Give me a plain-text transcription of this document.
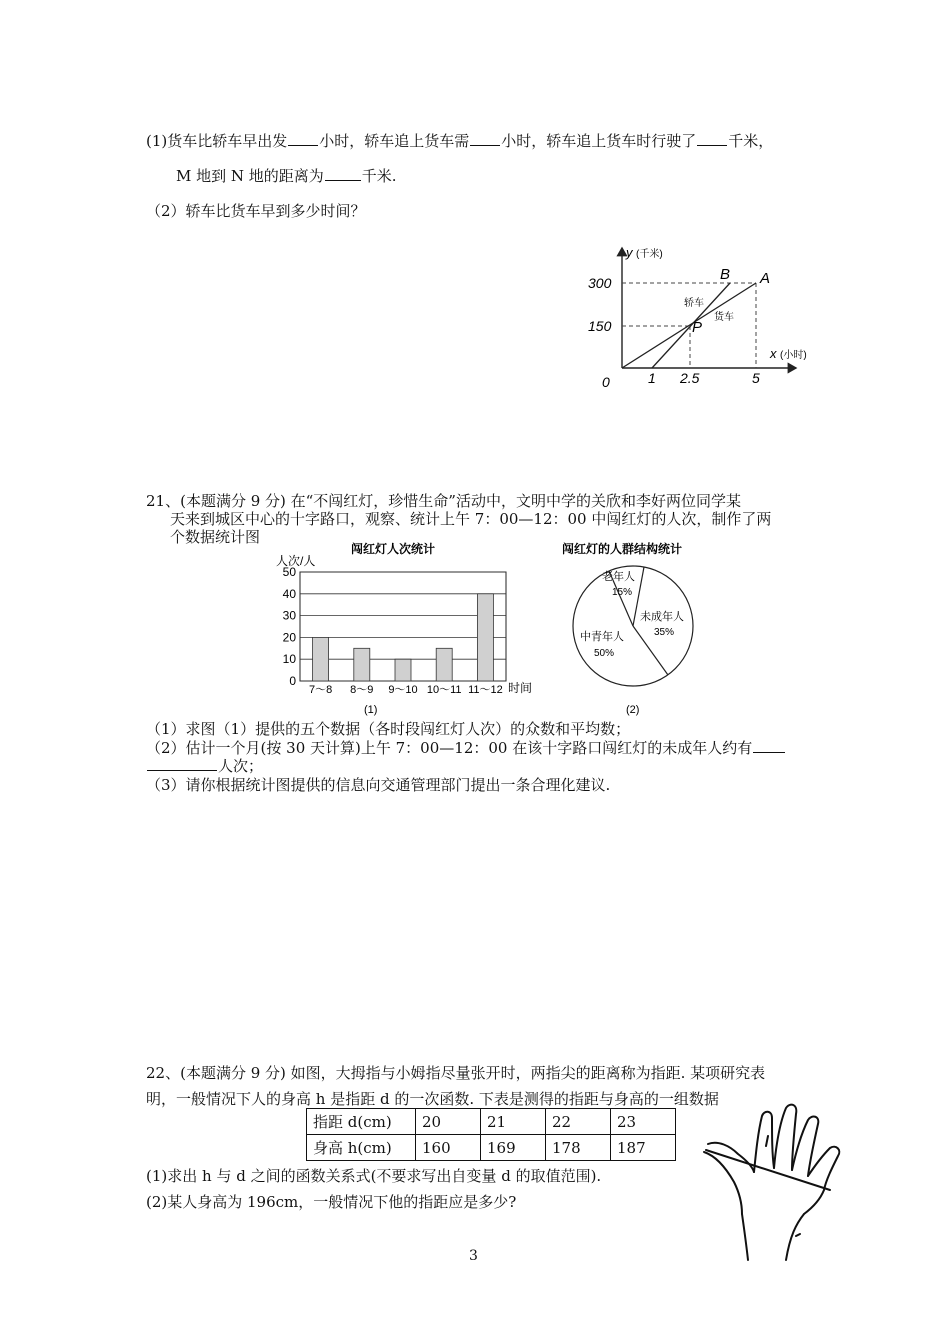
(1)货车比轿车早出发 小时，轿车追上货车需 小时，轿车追上货车时行驶了 千米，
M 地到 N 地的距离为	千米.
（2）轿车比货车早到多少时间？
y (千米)
x (小时)
300
150
0	1 2.5	5
B A
P
轿车
货车
21、(本题满分 9 分) 在“不闯红灯，珍惜生命”活动中，文明中学的关欣和李好两位同学某
天来到城区中心的十字路口，观察、统计上午 7：00—12：00 中闯红灯的人次，制作了两
个数据统计图
闯红灯人次统计
人次/人
0
10
20
30
40
50
7～8 8～9 9～10 10～11 11～12 时间
(1)
闯红灯的人群结构统计
老年人
15%
未成年人
35%
中青年人
50%
(2)
（1）求图（1）提供的五个数据（各时段闯红灯人次）的众数和平均数；
（2）估计一个月(按 30 天计算)上午 7：00—12：00 在该十字路口闯红灯的未成年人约有
人次；
（3）请你根据统计图提供的信息向交通管理部门提出一条合理化建议.
22、(本题满分 9 分) 如图，大拇指与小姆指尽量张开时，两指尖的距离称为指距. 某项研究表
明，一般情况下人的身高 h 是指距 d 的一次函数. 下表是测得的指距与身高的一组数据
指距 d(cm)	20	21	22	23
身高 h(cm)	160	169	178	187
(1)求出 h 与 d 之间的函数关系式(不要求写出自变量 d 的取值范围).
(2)某人身高为 196cm，一般情况下他的指距应是多少?
3
